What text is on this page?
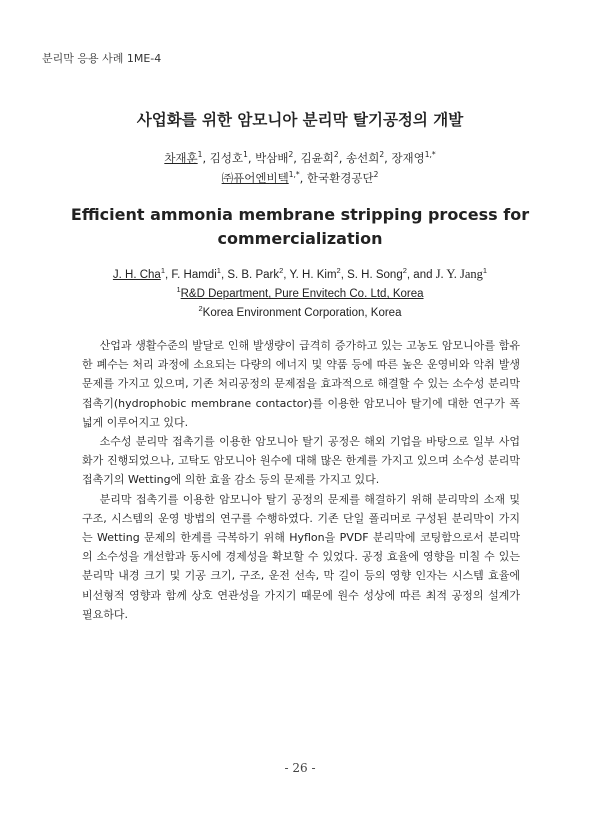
분리막 응용 사례 1ME-4
사업화를 위한 암모니아 분리막 탈기공정의 개발
차재훈$^1$, 김성호$^1$, 박삼배$^2$, 김윤희$^2$, 송선희$^2$, 장재영$^{1,*}$
㈜퓨어엔비텍$^{1,*}$, 한국환경공단$^2$
Efficient ammonia membrane stripping process for
commercialization
J. H. Cha$^1$, F. Hamdi$^1$, S. B. Park$^2$, Y. H. Kim$^2$, S. H. Song$^2$, and J. Y. Jang$^1$
$^1$R&D Department, Pure Envitech Co. Ltd, Korea
$^2$Korea Environment Corporation, Korea

산업과 생활수준의 발달로 인해 발생량이 급격히 증가하고 있는 고농도 암모니아를 함유한 폐수는 처리 과정에 소요되는 다량의 에너지 및 약품 등에 따른 높은 운영비와 악취 발생문제를 가지고 있으며, 기존 처리공정의 문제점을 효과적으로 해결할 수 있는 소수성 분리막 접촉기(hydrophobic membrane contactor)를 이용한 암모니아 탈기에 대한 연구가 폭넓게 이루어지고 있다.

소수성 분리막 접촉기를 이용한 암모니아 탈기 공정은 해외 기업을 바탕으로 일부 사업화가 진행되었으나, 고탁도 암모니아 원수에 대해 많은 한계를 가지고 있으며 소수성 분리막 접촉기의 Wetting에 의한 효율 감소 등의 문제를 가지고 있다.

분리막 접촉기를 이용한 암모니아 탈기 공정의 문제를 해결하기 위해 분리막의 소재 및 구조, 시스템의 운영 방법의 연구를 수행하였다. 기존 단일 폴리머로 구성된 분리막이 가지는 Wetting 문제의 한계를 극복하기 위해 Hyflon을 PVDF 분리막에 코팅함으로서 분리막의 소수성을 개선함과 동시에 경제성을 확보할 수 있었다. 공정 효율에 영향을 미칠 수 있는 분리막 내경 크기 및 기공 크기, 구조, 운전 선속, 막 길이 등의 영향 인자는 시스템 효율에 비선형적 영향과 함께 상호 연관성을 가지기 때문에 원수 성상에 따른 최적 공정의 설계가 필요하다.

- 26 -
